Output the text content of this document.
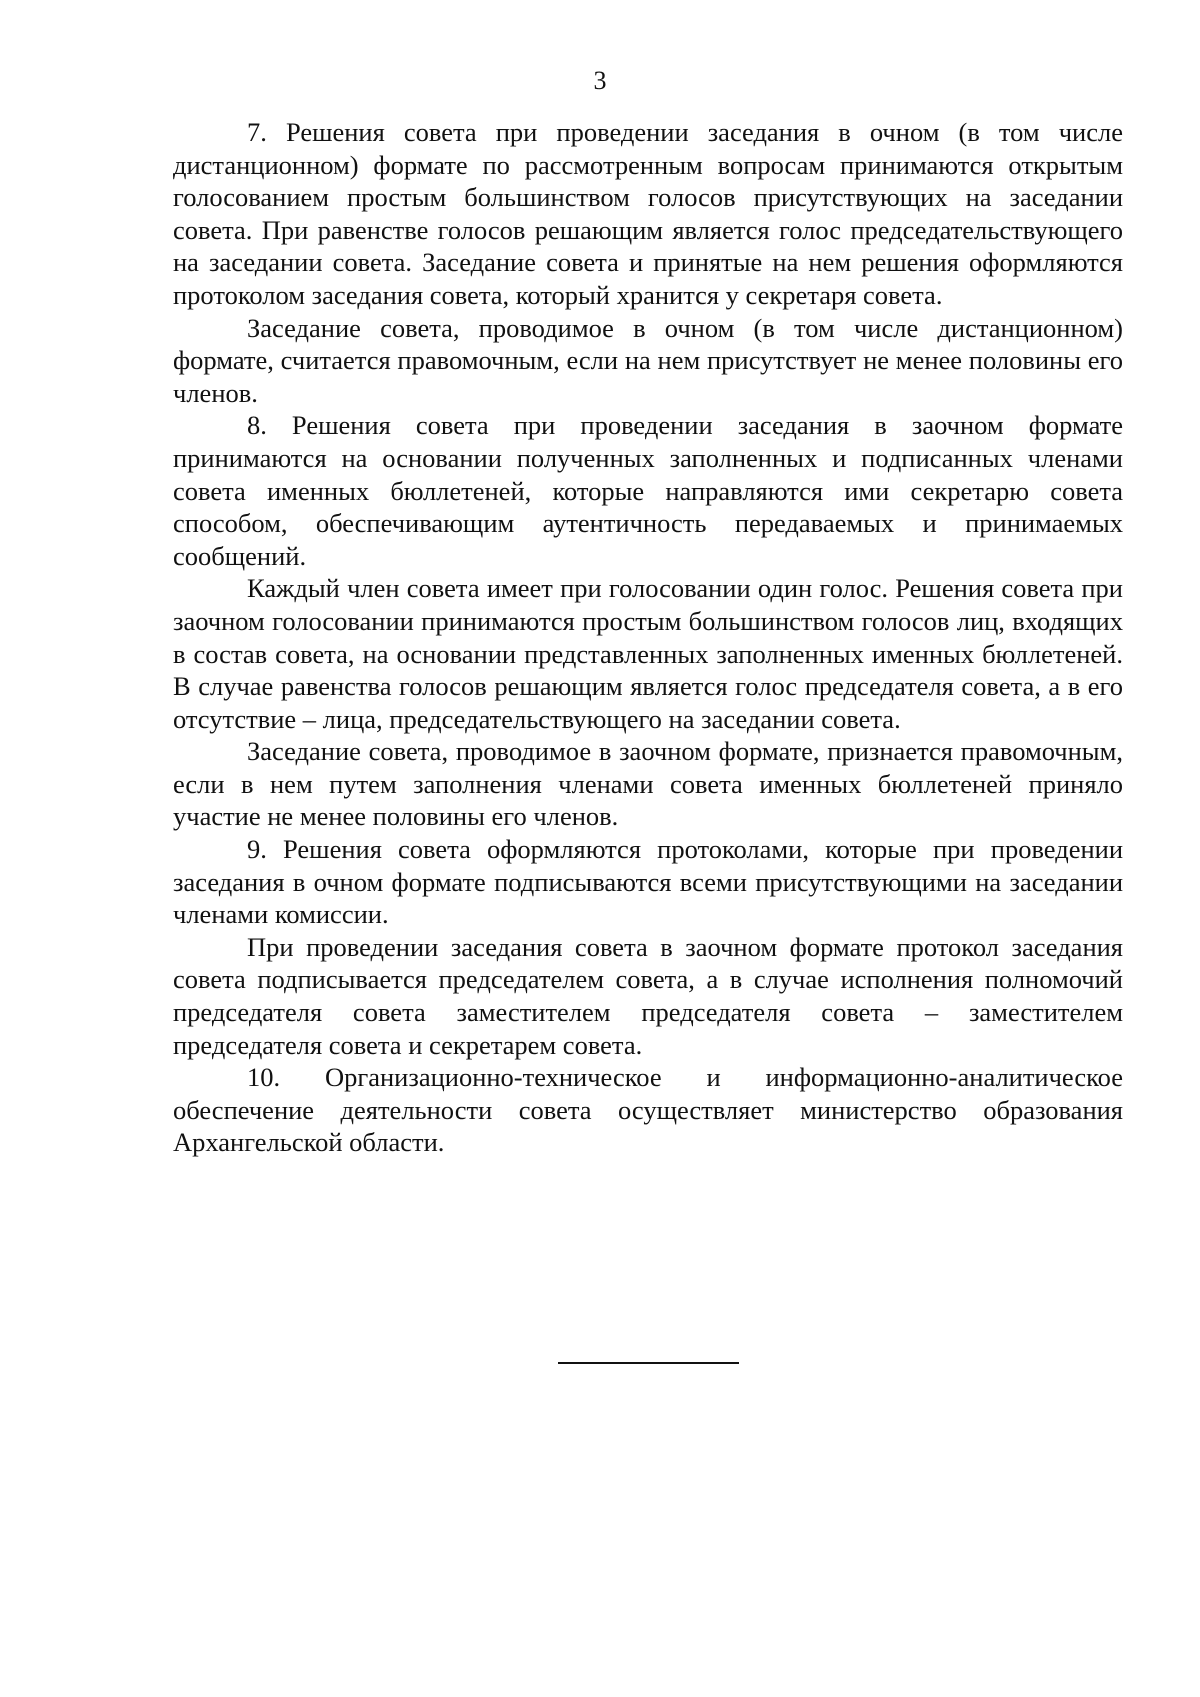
3

7. Решения совета при проведении заседания в очном (в том числе дистанционном) формате по рассмотренным вопросам принимаются открытым голосованием простым большинством голосов присутствующих на заседании совета. При равенстве голосов решающим является голос председательствующего на заседании совета. Заседание совета и принятые на нем решения оформляются протоколом заседания совета, который хранится у секретаря совета.

Заседание совета, проводимое в очном (в том числе дистанционном) формате, считается правомочным, если на нем присутствует не менее половины его членов.

8. Решения совета при проведении заседания в заочном формате принимаются на основании полученных заполненных и подписанных членами совета именных бюллетеней, которые направляются ими секретарю совета способом, обеспечивающим аутентичность передаваемых и принимаемых сообщений.

Каждый член совета имеет при голосовании один голос. Решения совета при заочном голосовании принимаются простым большинством голосов лиц, входящих в состав совета, на основании представленных заполненных именных бюллетеней. В случае равенства голосов решающим является голос председателя совета, а в его отсутствие – лица, председательствующего на заседании совета.

Заседание совета, проводимое в заочном формате, признается правомочным, если в нем путем заполнения членами совета именных бюллетеней приняло участие не менее половины его членов.

9. Решения совета оформляются протоколами, которые при проведении заседания в очном формате подписываются всеми присутствующими на заседании членами комиссии.

При проведении заседания совета в заочном формате протокол заседания совета подписывается председателем совета, а в случае исполнения полномочий председателя совета заместителем председателя совета – заместителем председателя совета и секретарем совета.

10. Организационно-техническое и информационно-аналитическое обеспечение деятельности совета осуществляет министерство образования Архангельской области.
